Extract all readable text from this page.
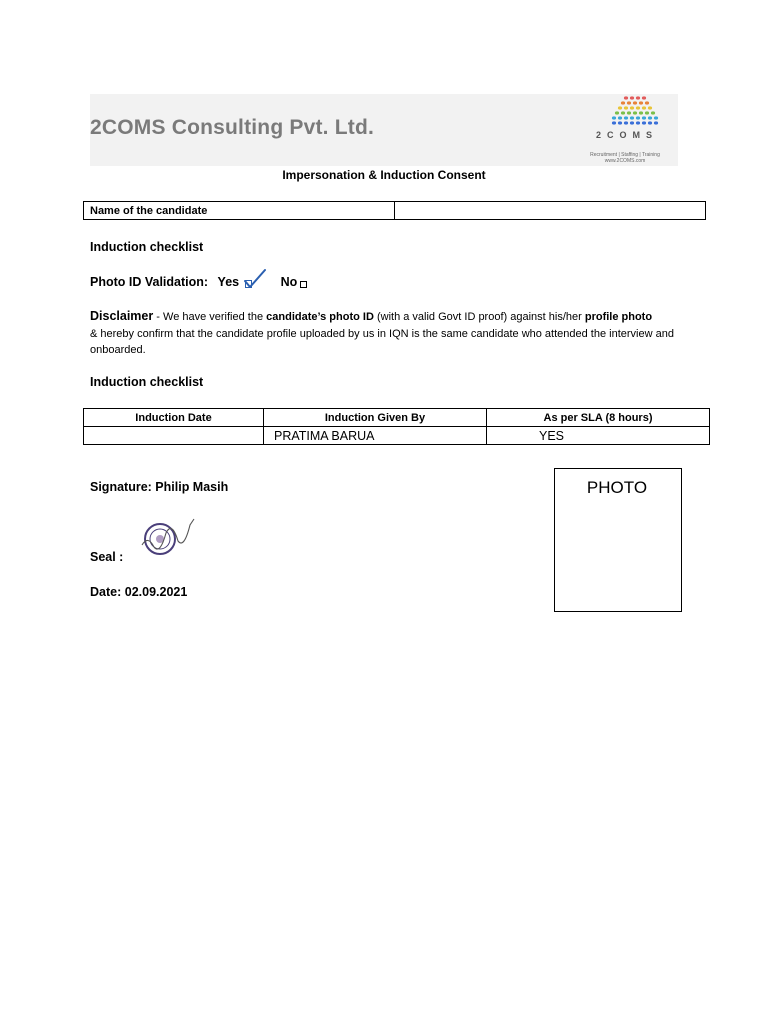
2COMS Consulting Pvt. Ltd.	2COMS
Recruitment | Staffing | Training
www.2COMS.com
Impersonation & Induction Consent
Name of the candidate	
Induction checklist
Photo ID Validation: Yes	No
Disclaimer - We have verified the candidate’s photo ID (with a valid Govt ID proof) against his/her profile photo
& hereby confirm that the candidate profile uploaded by us in IQN is the same candidate who attended the interview and onboarded.
Induction checklist
Induction Date	Induction Given By	As per SLA (8 hours)
	PRATIMA BARUA	YES
Signature: Philip Masih
Seal :
Date: 02.09.2021
PHOTO
